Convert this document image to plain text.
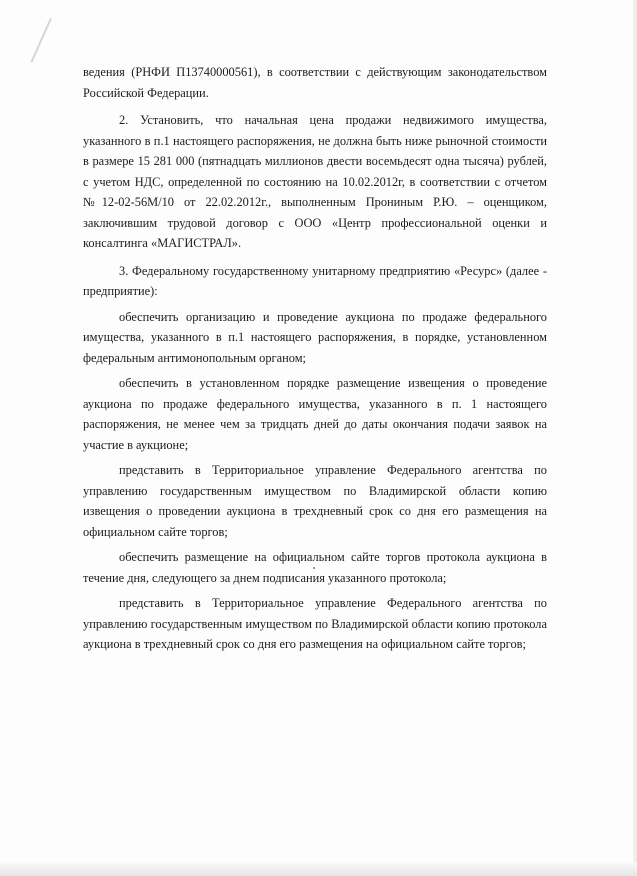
ведения (РНФИ П13740000561), в соответствии с действующим законодательством Российской Федерации.

2. Установить, что начальная цена продажи недвижимого имущества, указанного в п.1 настоящего распоряжения, не должна быть ниже рыночной стоимости в размере 15 281 000 (пятнадцать миллионов двести восемьдесят одна тысяча) рублей, с учетом НДС, определенной по состоянию на 10.02.2012г, в соответствии с отчетом №12-02-56М/10 от 22.02.2012г., выполненным Прониным Р.Ю. – оценщиком, заключившим трудовой договор с ООО «Центр профессиональной оценки и консалтинга «МАГИСТРАЛ».

3. Федеральному государственному унитарному предприятию «Ресурс» (далее - предприятие):

обеспечить организацию и проведение аукциона по продаже федерального имущества, указанного в п.1 настоящего распоряжения, в порядке, установленном федеральным антимонопольным органом;

обеспечить в установленном порядке размещение извещения о проведение аукциона по продаже федерального имущества, указанного в п. 1 настоящего распоряжения, не менее чем за тридцать дней до даты окончания подачи заявок на участие в аукционе;

представить в Территориальное управление Федерального агентства по управлению государственным имуществом по Владимирской области копию извещения о проведении аукциона в трехдневный срок со дня его размещения на официальном сайте торгов;

обеспечить размещение на официальном сайте торгов протокола аукциона в течение дня, следующего за днем подписания указанного протокола;

представить в Территориальное управление Федерального агентства по управлению государственным имуществом по Владимирской области копию протокола аукциона в трехдневный срок со дня его размещения на официальном сайте торгов;
